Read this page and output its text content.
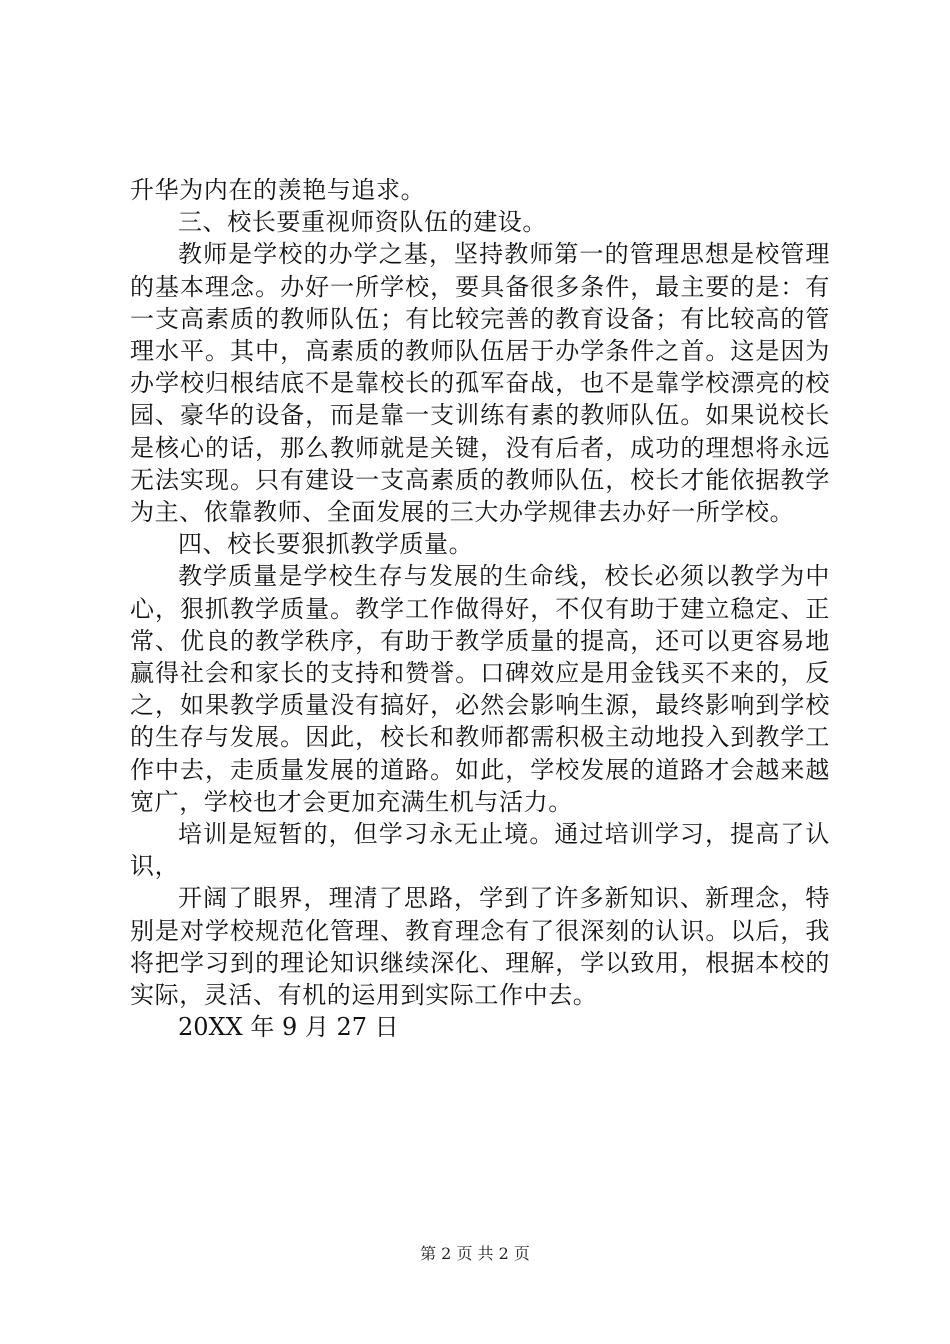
升华为内在的羡艳与追求。

三、校长要重视师资队伍的建设。

教师是学校的办学之基，坚持教师第一的管理思想是校管理的基本理念。办好一所学校，要具备很多条件，最主要的是：有一支高素质的教师队伍；有比较完善的教育设备；有比较高的管理水平。其中，高素质的教师队伍居于办学条件之首。这是因为办学校归根结底不是靠校长的孤军奋战，也不是靠学校漂亮的校园、豪华的设备，而是靠一支训练有素的教师队伍。如果说校长是核心的话，那么教师就是关键，没有后者，成功的理想将永远无法实现。只有建设一支高素质的教师队伍，校长才能依据教学为主、依靠教师、全面发展的三大办学规律去办好一所学校。

四、校长要狠抓教学质量。

教学质量是学校生存与发展的生命线，校长必须以教学为中心，狠抓教学质量。教学工作做得好，不仅有助于建立稳定、正常、优良的教学秩序，有助于教学质量的提高，还可以更容易地赢得社会和家长的支持和赞誉。口碑效应是用金钱买不来的，反之，如果教学质量没有搞好，必然会影响生源，最终影响到学校的生存与发展。因此，校长和教师都需积极主动地投入到教学工作中去，走质量发展的道路。如此，学校发展的道路才会越来越宽广，学校也才会更加充满生机与活力。

培训是短暂的，但学习永无止境。通过培训学习，提高了认识，

开阔了眼界，理清了思路，学到了许多新知识、新理念，特别是对学校规范化管理、教育理念有了很深刻的认识。以后，我将把学习到的理论知识继续深化、理解，学以致用，根据本校的实际，灵活、有机的运用到实际工作中去。

20XX 年 9 月 27 日

第 2 页 共 2 页
